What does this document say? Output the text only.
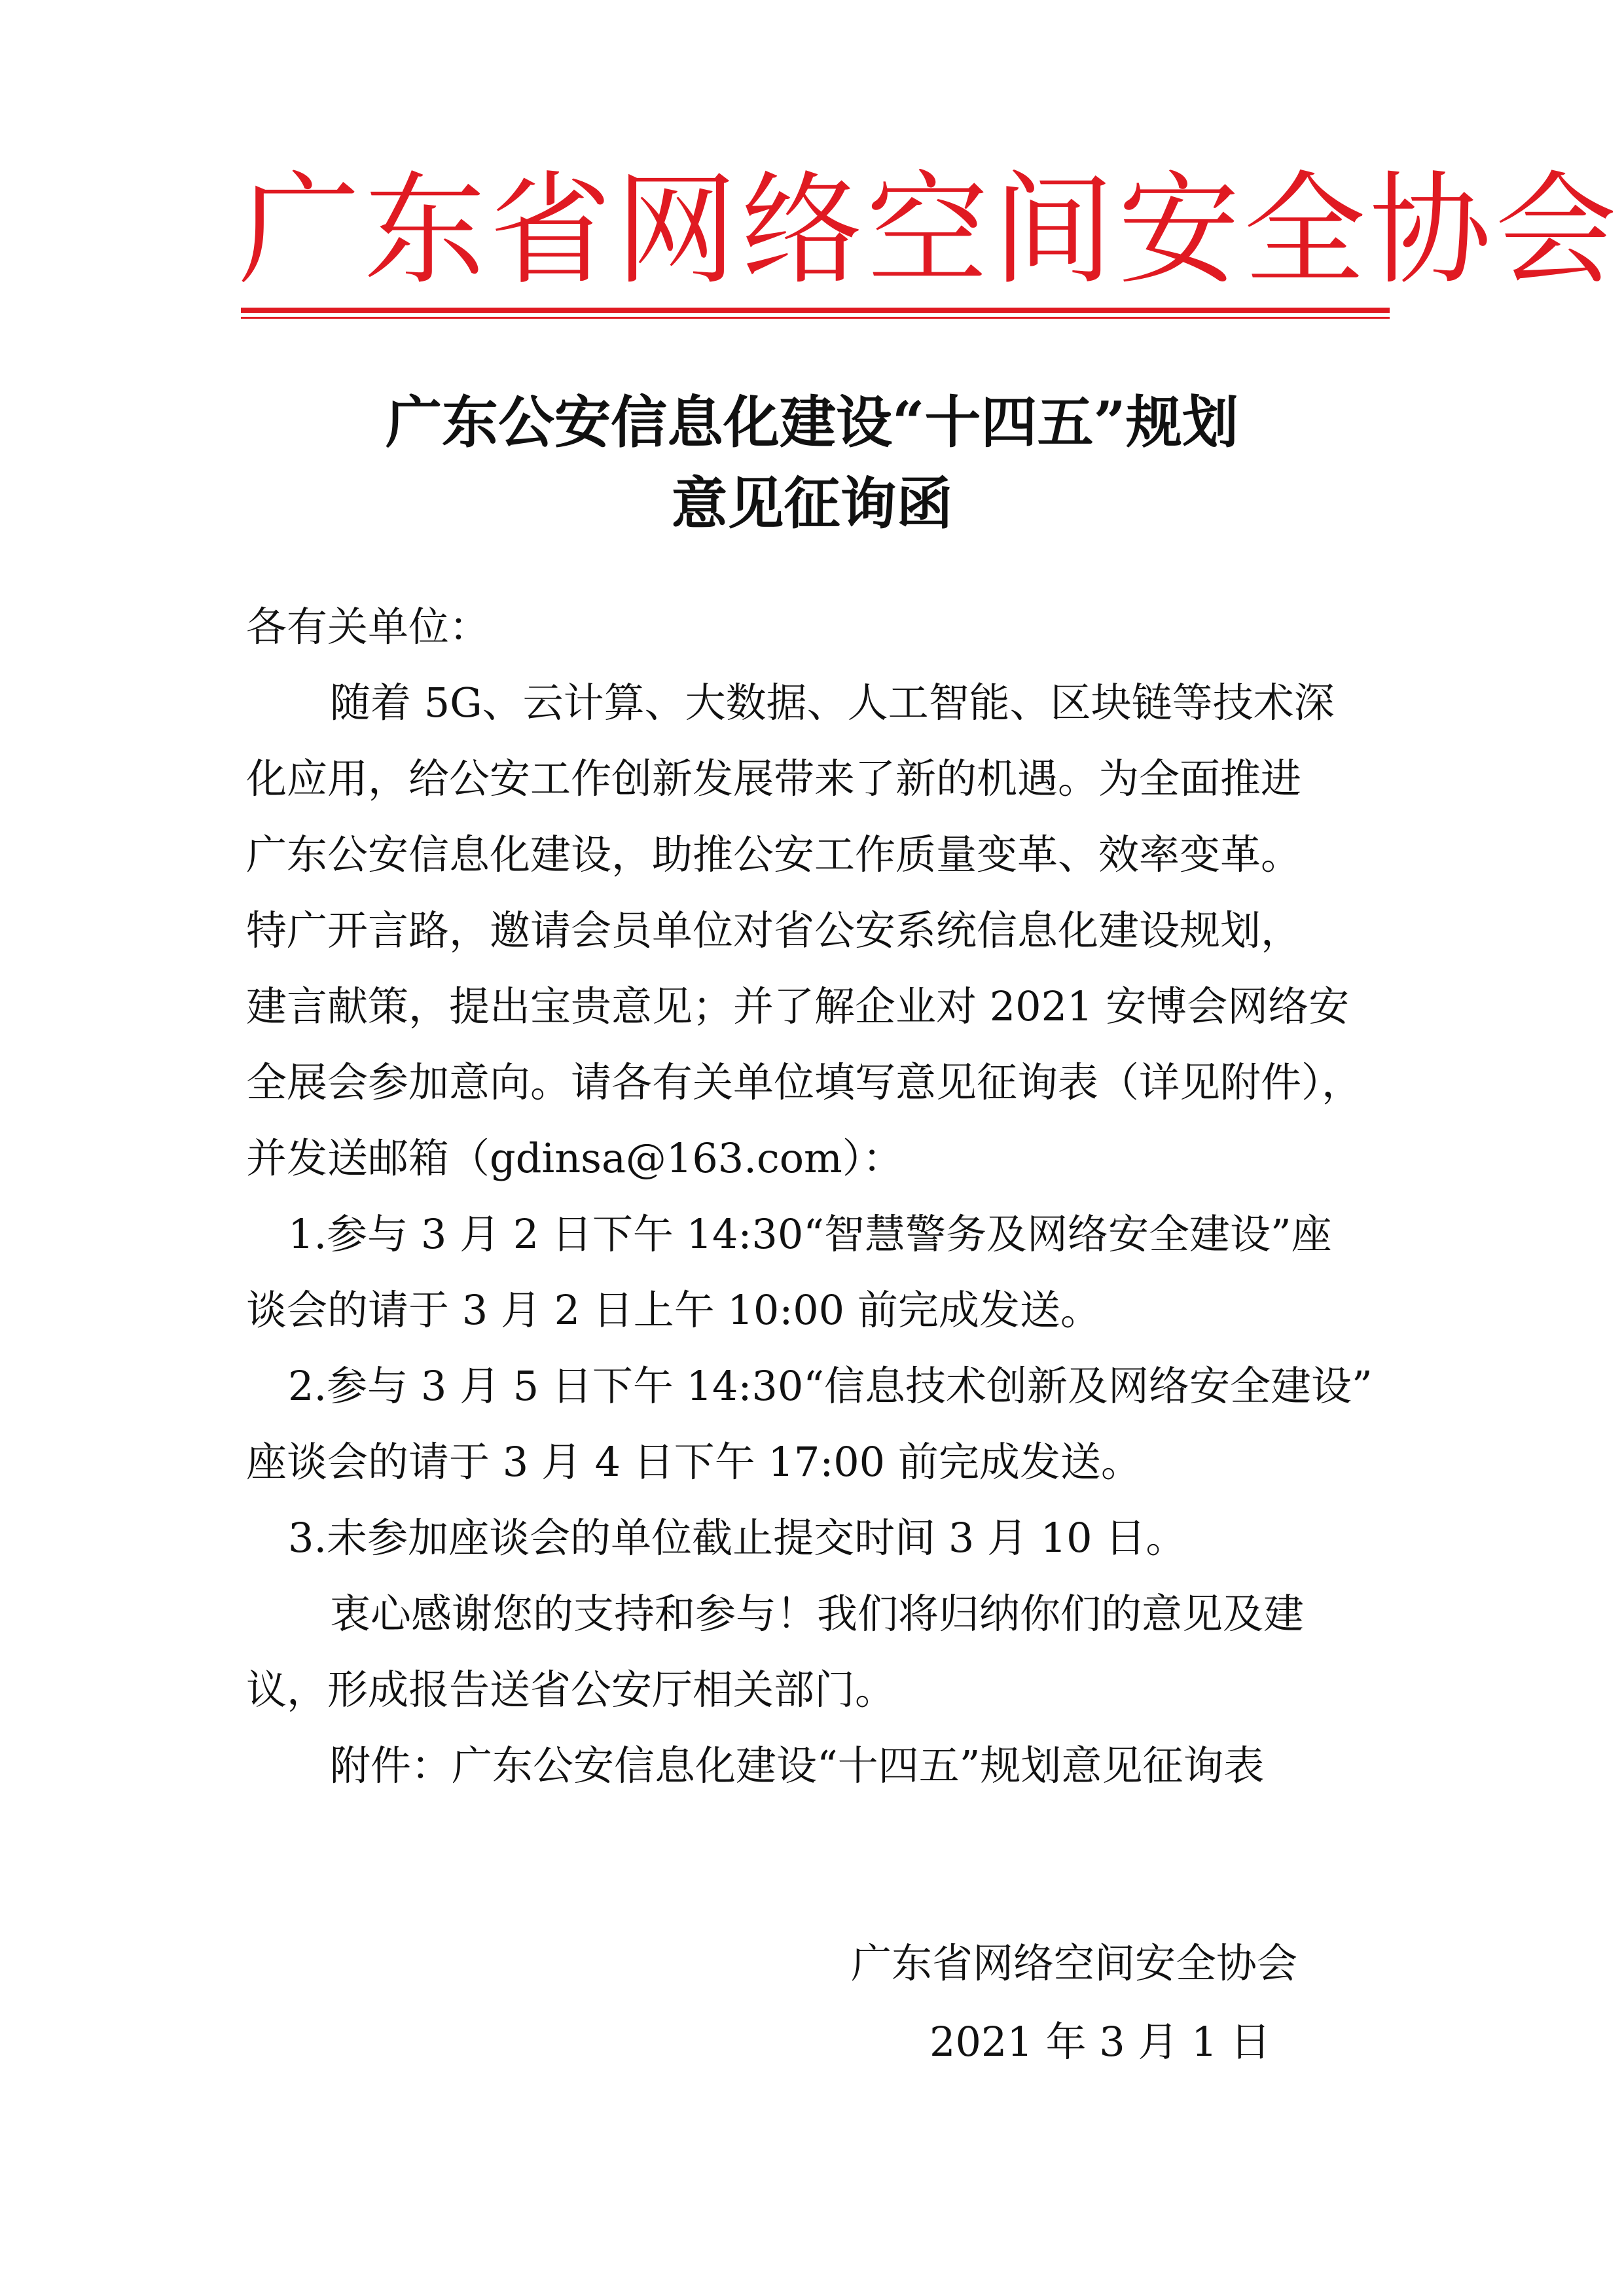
广东省网络空间安全协会
广东公安信息化建设“十四五”规划
意见征询函
各有关单位：
随着 5G、云计算、大数据、人工智能、区块链等技术深
化应用，给公安工作创新发展带来了新的机遇。为全面推进
广东公安信息化建设，助推公安工作质量变革、效率变革。
特广开言路，邀请会员单位对省公安系统信息化建设规划，
建言献策，提出宝贵意见；并了解企业对 2021 安博会网络安
全展会参加意向。请各有关单位填写意见征询表（详见附件），
并发送邮箱（gdinsa@163.com）：
1.参与 3 月 2 日下午 14:30“智慧警务及网络安全建设”座
谈会的请于 3 月 2 日上午 10:00 前完成发送。
2.参与 3 月 5 日下午 14:30“信息技术创新及网络安全建设”
座谈会的请于 3 月 4 日下午 17:00 前完成发送。
3.未参加座谈会的单位截止提交时间 3 月 10 日。
衷心感谢您的支持和参与！我们将归纳你们的意见及建
议，形成报告送省公安厅相关部门。
附件：广东公安信息化建设“十四五”规划意见征询表
广东省网络空间安全协会
2021 年 3 月 1 日
